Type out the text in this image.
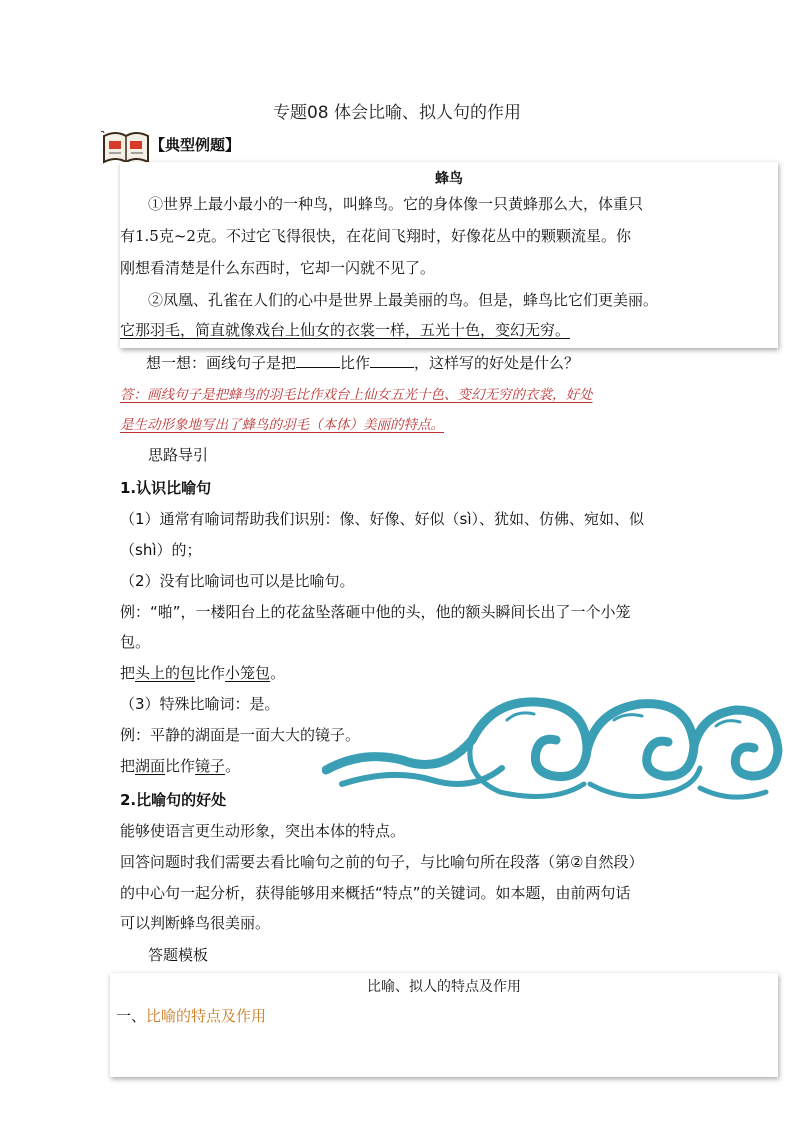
专题08 体会比喻、拟人句的作用
【典型例题】
蜂鸟
①世界上最小最小的一种鸟，叫蜂鸟。它的身体像一只黄蜂那么大，体重只
有1.5克~2克。不过它飞得很快，在花间飞翔时，好像花丛中的颗颗流星。你
刚想看清楚是什么东西时，它却一闪就不见了。
②凤凰、孔雀在人们的心中是世界上最美丽的鸟。但是，蜂鸟比它们更美丽。
它那羽毛，简直就像戏台上仙女的衣裳一样，五光十色，变幻无穷。
想一想：画线句子是把	比作	，这样写的好处是什么？
答：画线句子是把蜂鸟的羽毛比作戏台上仙女五光十色、变幻无穷的衣裳，好处
是生动形象地写出了蜂鸟的羽毛（本体）美丽的特点。
思路导引
1.认识比喻句
（1）通常有喻词帮助我们识别：像、好像、好似（sì）、犹如、仿佛、宛如、似
（shì）的；
（2）没有比喻词也可以是比喻句。
例：“啪”，一楼阳台上的花盆坠落砸中他的头，他的额头瞬间长出了一个小笼
包。
把头上的包比作小笼包。
（3）特殊比喻词：是。
例：平静的湖面是一面大大的镜子。
把湖面比作镜子。
2.比喻句的好处
能够使语言更生动形象，突出本体的特点。
回答问题时我们需要去看比喻句之前的句子，与比喻句所在段落（第②自然段）
的中心句一起分析，获得能够用来概括“特点”的关键词。如本题，由前两句话
可以判断蜂鸟很美丽。
答题模板
比喻、拟人的特点及作用
一、比喻的特点及作用
